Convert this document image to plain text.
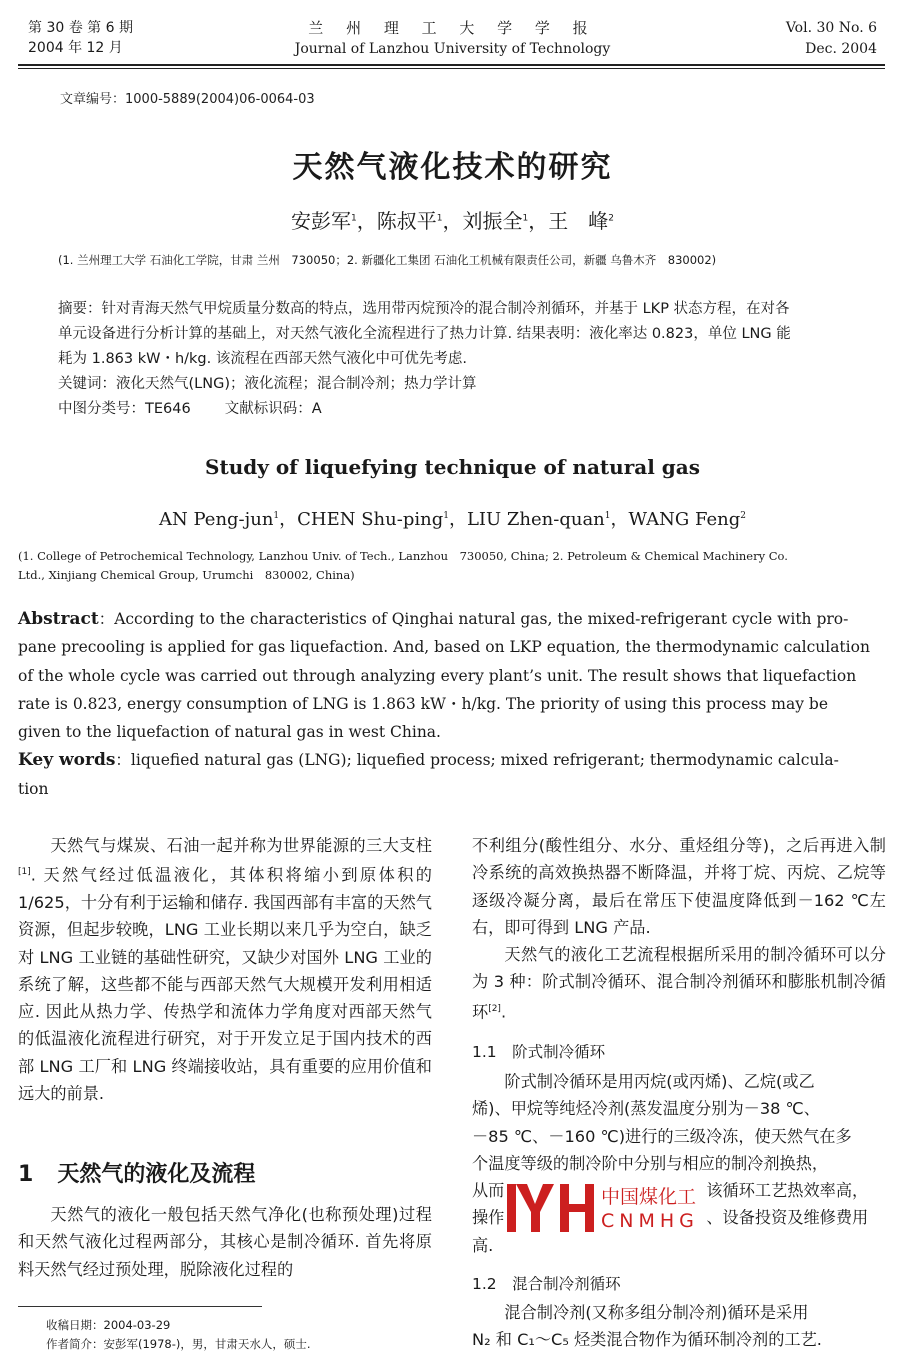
第 30 卷 第 6 期
2004 年 12 月
兰 州 理 工 大 学 学 报
Journal of Lanzhou University of Technology
Vol. 30 No. 6
Dec. 2004
文章编号：1000-5889(2004)06-0064-03
天然气液化技术的研究
安彭军$^1$，陈叔平$^1$，刘振全$^1$，王　峰$^2$
(1. 兰州理工大学 石油化工学院，甘肃 兰州　730050；2. 新疆化工集团 石油化工机械有限责任公司，新疆 乌鲁木齐　830002)
摘要：针对青海天然气甲烷质量分数高的特点，选用带丙烷预冷的混合制冷剂循环，并基于 LKP 状态方程，在对各
单元设备进行分析计算的基础上，对天然气液化全流程进行了热力计算. 结果表明：液化率达 0.823，单位 LNG 能
耗为 1.863 kW・h/kg. 该流程在西部天然气液化中可优先考虑.
关键词：液化天然气(LNG)；液化流程；混合制冷剂；热力学计算
中图分类号：TE646 文献标识码：A
Study of liquefying technique of natural gas
AN Peng-jun$^1$，CHEN Shu-ping$^1$，LIU Zhen-quan$^1$，WANG Feng$^2$
(1. College of Petrochemical Technology, Lanzhou Univ. of Tech., Lanzhou　730050, China; 2. Petroleum & Chemical Machinery Co.
Ltd., Xinjiang Chemical Group, Urumchi　830002, China)
Abstract：According to the characteristics of Qinghai natural gas, the mixed-refrigerant cycle with pro-
pane precooling is applied for gas liquefaction. And, based on LKP equation, the thermodynamic calculation
of the whole cycle was carried out through analyzing every plant’s unit. The result shows that liquefaction
rate is 0.823, energy consumption of LNG is 1.863 kW・h/kg. The priority of using this process may be
given to the liquefaction of natural gas in west China.
Key words：liquefied natural gas (LNG); liquefied process; mixed refrigerant; thermodynamic calcula-
tion

天然气与煤炭、石油一起并称为世界能源的三大支柱[1]. 天然气经过低温液化，其体积将缩小到原体积的 1/625，十分有利于运输和储存. 我国西部有丰富的天然气资源，但起步较晚，LNG 工业长期以来几乎为空白，缺乏对 LNG 工业链的基础性研究，又缺少对国外 LNG 工业的系统了解，这些都不能与西部天然气大规模开发利用相适应. 因此从热力学、传热学和流体力学角度对西部天然气的低温液化流程进行研究，对于开发立足于国内技术的西部 LNG 工厂和 LNG 终端接收站，具有重要的应用价值和远大的前景.

1 天然气的液化及流程

天然气的液化一般包括天然气净化(也称预处理)过程和天然气液化过程两部分，其核心是制冷循环. 首先将原料天然气经过预处理，脱除液化过程的

收稿日期：2004-03-29
作者简介：安彭军(1978-)，男，甘肃天水人，硕士.

不利组分(酸性组分、水分、重烃组分等)，之后再进入制冷系统的高效换热器不断降温，并将丁烷、丙烷、乙烷等逐级冷凝分离，最后在常压下使温度降低到－162 ℃左右，即可得到 LNG 产品.

天然气的液化工艺流程根据所采用的制冷循环可以分为 3 种：阶式制冷循环、混合制冷剂循环和膨胀机制冷循环[2].

1.1　阶式制冷循环
阶式制冷循环是用丙烷(或丙烯)、乙烷(或乙
烯)、甲烷等纯烃冷剂(蒸发温度分别为－38 ℃、
－85 ℃、－160 ℃)进行的三级冷冻，使天然气在多
个温度等级的制冷阶中分别与相应的制冷剂换热，
从而	该循环工艺热效率高，
操作	、设备投资及维修费用
高.
1.2　混合制冷剂循环
混合制冷剂(又称多组分制冷剂)循环是采用
N₂ 和 C₁～C₅ 烃类混合物作为循环制冷剂的工艺.
中国煤化工
CNMHG
